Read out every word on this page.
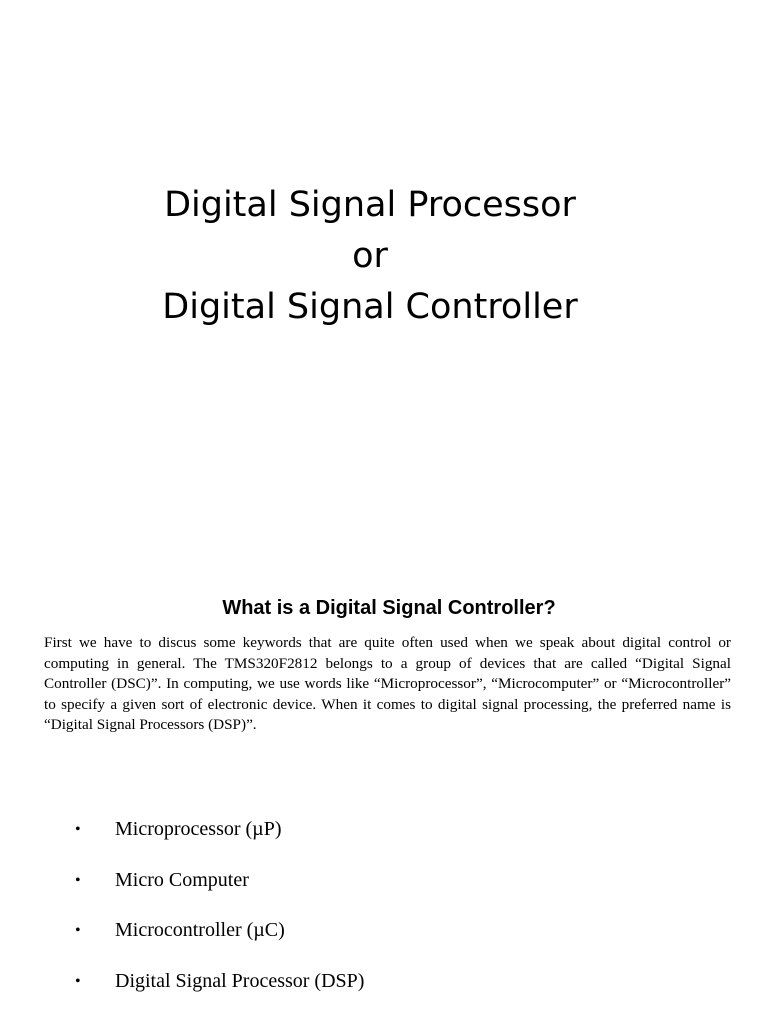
Digital Signal Processor
or
Digital Signal Controller
What is a Digital Signal Controller?

First we have to discus some keywords that are quite often used when we speak about digital control or computing in general. The TMS320F2812 belongs to a group of devices that are called “Digital Signal Controller (DSC)”. In computing, we use words like “Microprocessor”, “Microcomputer” or “Microcontroller” to specify a given sort of electronic device. When it comes to digital signal processing, the preferred name is “Digital Signal Processors (DSP)”.

• Microprocessor (µP)
• Micro Computer
• Microcontroller (µC)
• Digital Signal Processor (DSP)
